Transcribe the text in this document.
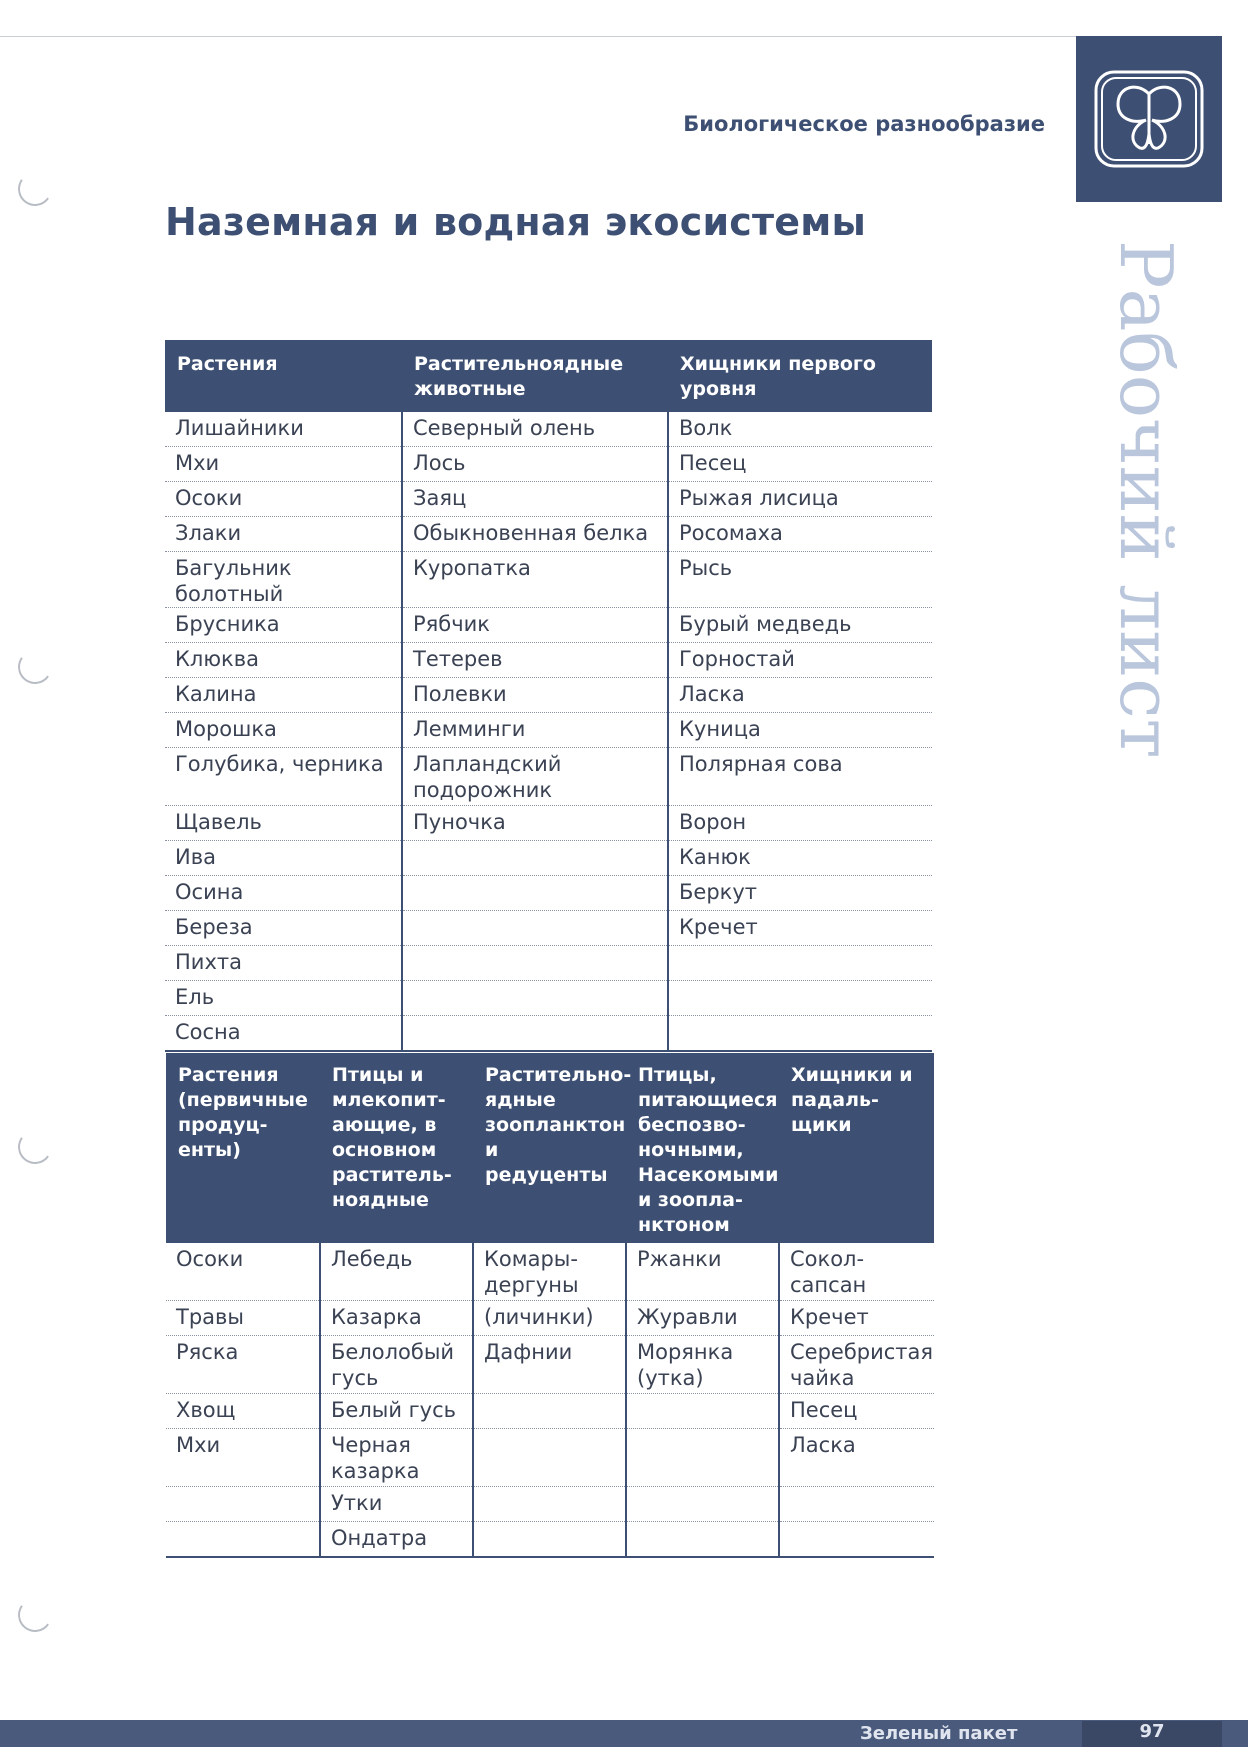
Биологическое разнообразие
Наземная и водная экосистемы
Рабочий лист
Растения	Растительноядные животные	Хищники первого уровня
Лишайники	Северный олень	Волк
Мхи	Лось	Песец
Осоки	Заяц	Рыжая лисица
Злаки	Обыкновенная белка	Росомаха
Багульник болотный	Куропатка	Рысь
Брусника	Рябчик	Бурый медведь
Клюква	Тетерев	Горностай
Калина	Полевки	Ласка
Морошка	Лемминги	Куница
Голубика, черника	Лапландский подорожник	Полярная сова
Щавель	Пуночка	Ворон
Ива		Канюк
Осина		Беркут
Береза		Кречет
Пихта		
Ель		
Сосна		
Растения (первичные продуц-енты)	Птицы и млекопит-ающие, в основном раститель-ноядные	Растительно-ядные зоопланктон и редуценты	Птицы, питающиеся беспозво-ночными, Насекомыми и зоопла-нктоном	Хищники и падаль-щики
Осоки	Лебедь	Комары-дергуны	Ржанки	Сокол-сапсан
Травы	Казарка	(личинки)	Журавли	Кречет
Ряска	Белолобый гусь	Дафнии	Морянка (утка)	Серебристая чайка
Хвощ	Белый гусь			Песец
Мхи	Черная казарка			Ласка
	Утки			
	Ондатра			
Зеленый пакет	97
